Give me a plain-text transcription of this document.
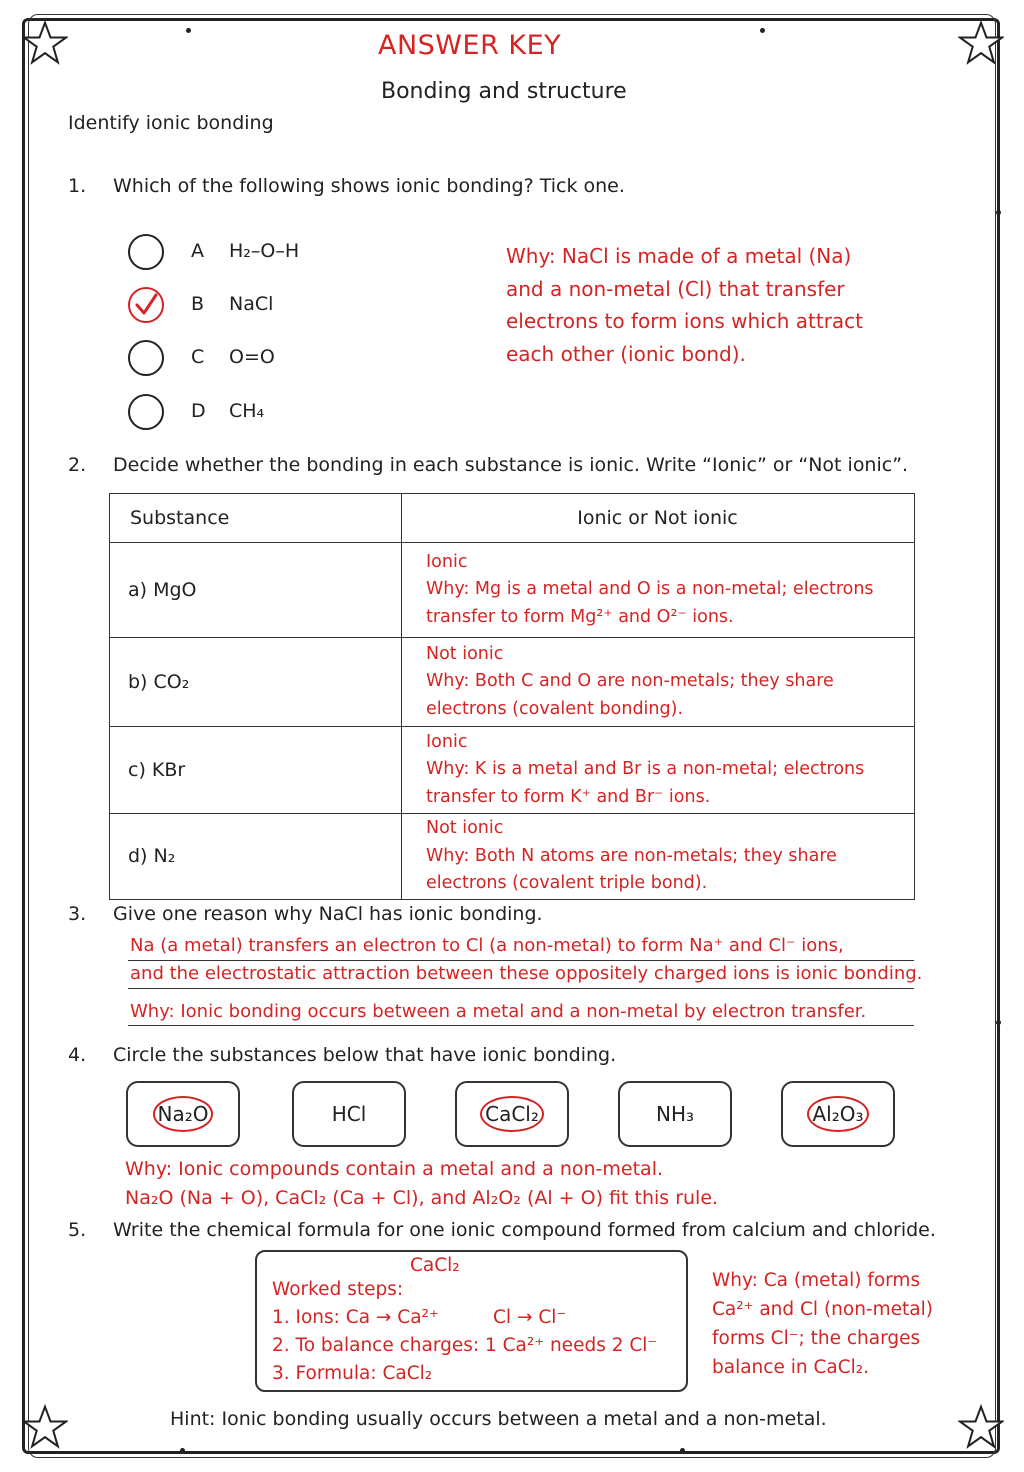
ANSWER KEY
Bonding and structure
Identify ionic bonding
1. Which of the following shows ionic bonding? Tick one.
A H₂–O–H
B NaCl
C O=O
D CH₄
Why: NaCl is made of a metal (Na)
and a non-metal (Cl) that transfer
electrons to form ions which attract
each other (ionic bond).
2. Decide whether the bonding in each substance is ionic. Write “Ionic” or “Not ionic”.
Substance	Ionic or Not ionic
a) MgO	Ionic
Why: Mg is a metal and O is a non-metal; electrons
transfer to form Mg²⁺ and O²⁻ ions.

b) CO₂	Not ionic
Why: Both C and O are non-metals; they share
electrons (covalent bonding).

c) KBr	Ionic
Why: K is a metal and Br is a non-metal; electrons
transfer to form K⁺ and Br⁻ ions.

d) N₂	Not ionic
Why: Both N atoms are non-metals; they share
electrons (covalent triple bond).
3. Give one reason why NaCl has ionic bonding.
Na (a metal) transfers an electron to Cl (a non-metal) to form Na⁺ and Cl⁻ ions,
and the electrostatic attraction between these oppositely charged ions is ionic bonding.
Why: Ionic bonding occurs between a metal and a non-metal by electron transfer.
4. Circle the substances below that have ionic bonding.
Na₂O	HCl	CaCl₂	NH₃	Al₂O₃
Why: Ionic compounds contain a metal and a non-metal.
Na₂O (Na + O), CaCl₂ (Ca + Cl), and Al₂O₂ (Al + O) fit this rule.
5. Write the chemical formula for one ionic compound formed from calcium and chloride.
CaCl₂
Worked steps:
1. Ions: Ca → Ca²⁺	Cl → Cl⁻
2. To balance charges: 1 Ca²⁺ needs 2 Cl⁻
3. Formula: CaCl₂
Why: Ca (metal) forms
Ca²⁺ and Cl (non-metal)
forms Cl⁻; the charges
balance in CaCl₂.
Hint: Ionic bonding usually occurs between a metal and a non-metal.
